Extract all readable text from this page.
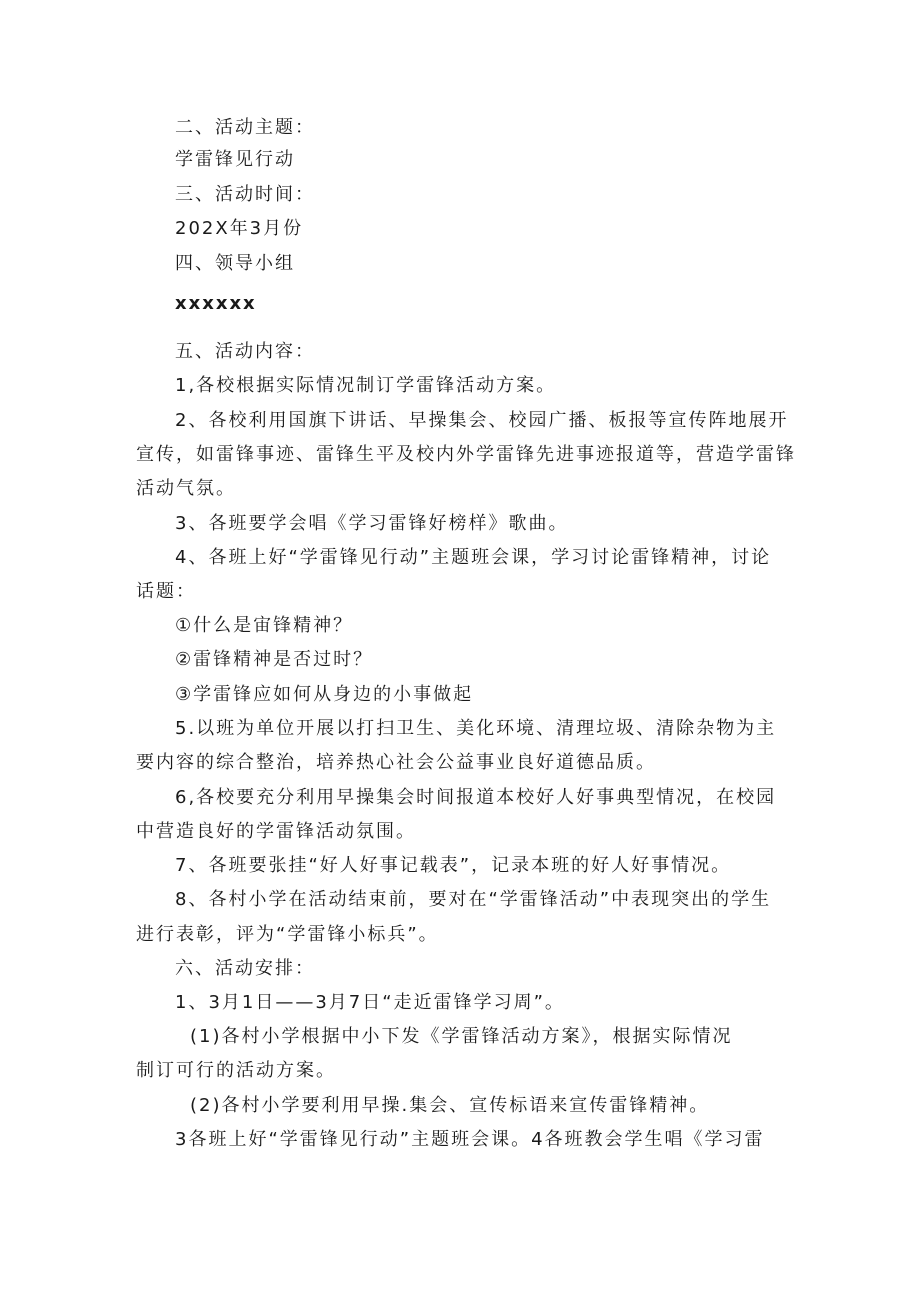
二、活动主题：
学雷锋见行动
三、活动时间：
202X年3月份
四、领导小组
xxxxxx
五、活动内容：
1,各校根据实际情况制订学雷锋活动方案。
2、各校利用国旗下讲话、早操集会、校园广播、板报等宣传阵地展开
宣传，如雷锋事迹、雷锋生平及校内外学雷锋先进事迹报道等，营造学雷锋
活动气氛。
3、各班要学会唱《学习雷锋好榜样》歌曲。
4、各班上好“学雷锋见行动”主题班会课，学习讨论雷锋精神，讨论
话题：
①什么是宙锋精神？
②雷锋精神是否过时？
③学雷锋应如何从身边的小事做起
5.以班为单位开展以打扫卫生、美化环境、清理垃圾、清除杂物为主
要内容的综合整治，培养热心社会公益事业良好道德品质。
6,各校要充分利用早操集会时间报道本校好人好事典型情况，在校园
中营造良好的学雷锋活动氛围。
7、各班要张挂“好人好事记载表”，记录本班的好人好事情况。
8、各村小学在活动结束前，要对在“学雷锋活动”中表现突出的学生
进行表彰，评为“学雷锋小标兵”。
六、活动安排：
1、3月1日——3月7日“走近雷锋学习周”。
(1)各村小学根据中小下发《学雷锋活动方案》，根据实际情况
制订可行的活动方案。
(2)各村小学要利用早操.集会、宣传标语来宣传雷锋精神。
3各班上好“学雷锋见行动”主题班会课。4各班教会学生唱《学习雷
